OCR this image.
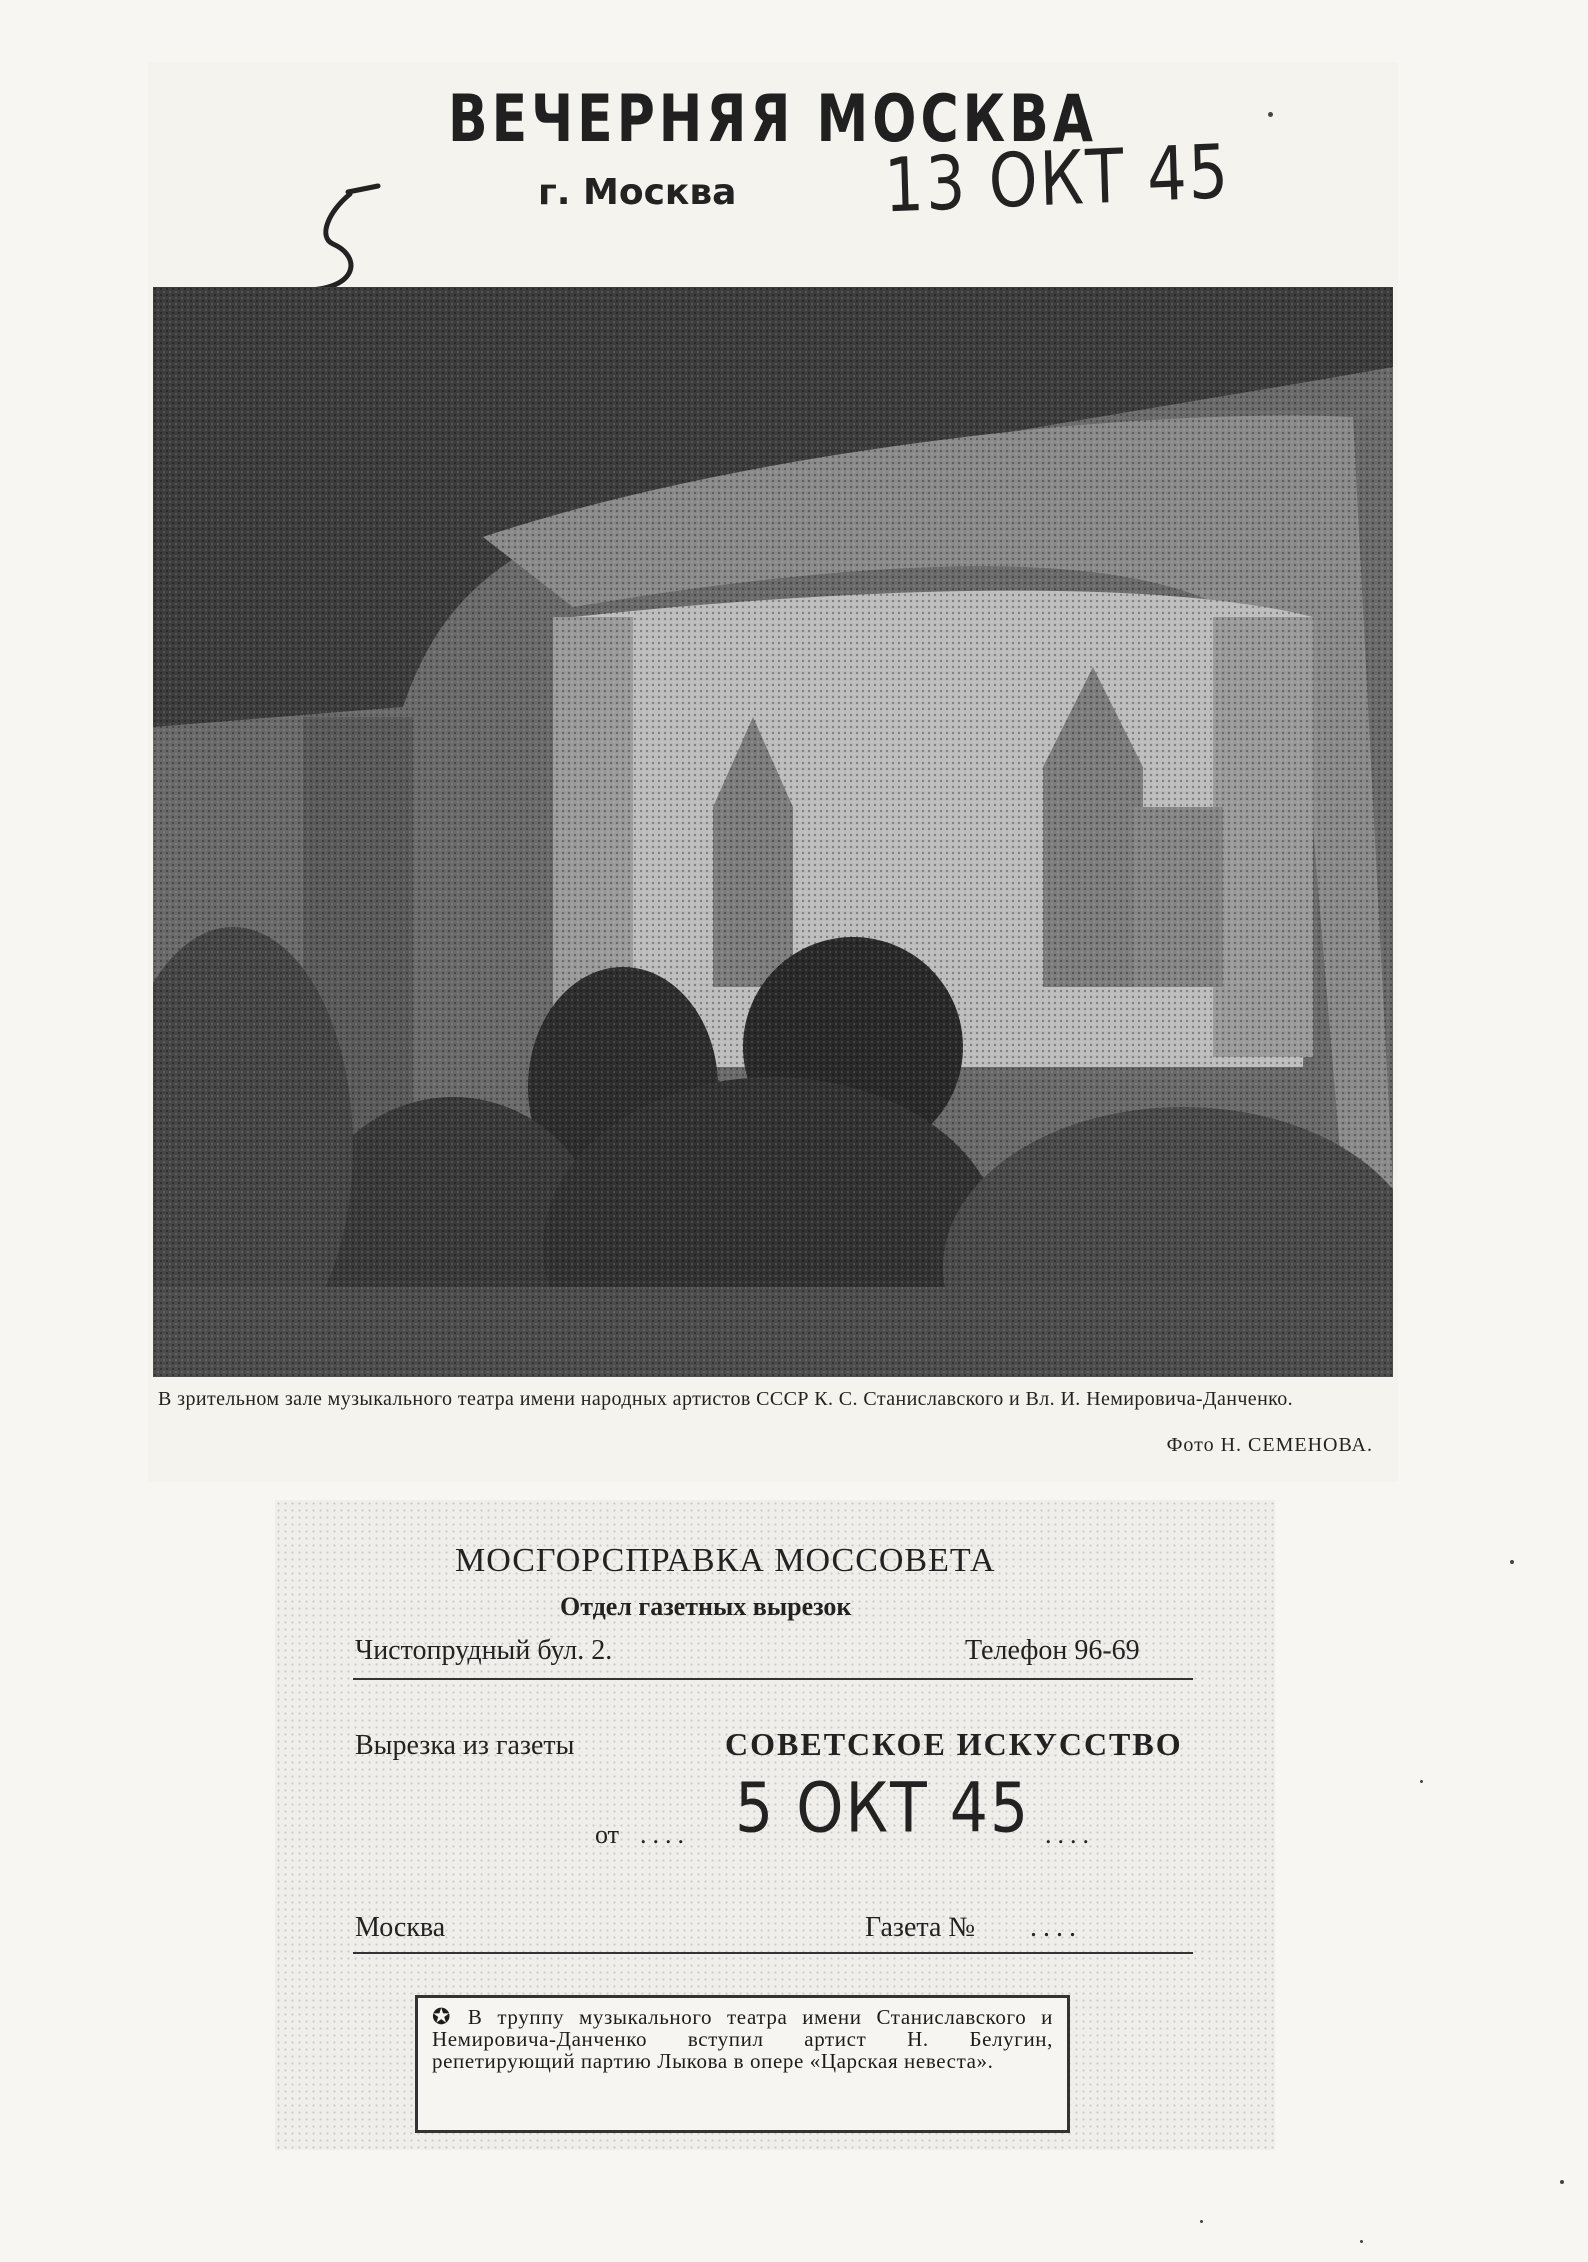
ВЕЧЕРНЯЯ МОСКВА
г. Москва 13 ОКТ 45
В зрительном зале музыкального театра имени народных артистов СССР К. С. Станиславского и Вл. И. Немировича-Данченко.
Фото Н. СЕМЕНОВА.
МОСГОРСПРАВКА МОССОВЕТА
Отдел газетных вырезок
Чистопрудный бул. 2.	Телефон 96-69
Вырезка из газеты	СОВЕТСКОЕ ИСКУССТВО
от .... 5 ОКТ 45 ....
Москва	Газета № ....
✪ В труппу музыкального театра имени Станиславского и Немировича-Данченко вступил артист Н. Белугин, репетирующий партию Лыкова в опере «Царская невеста».
